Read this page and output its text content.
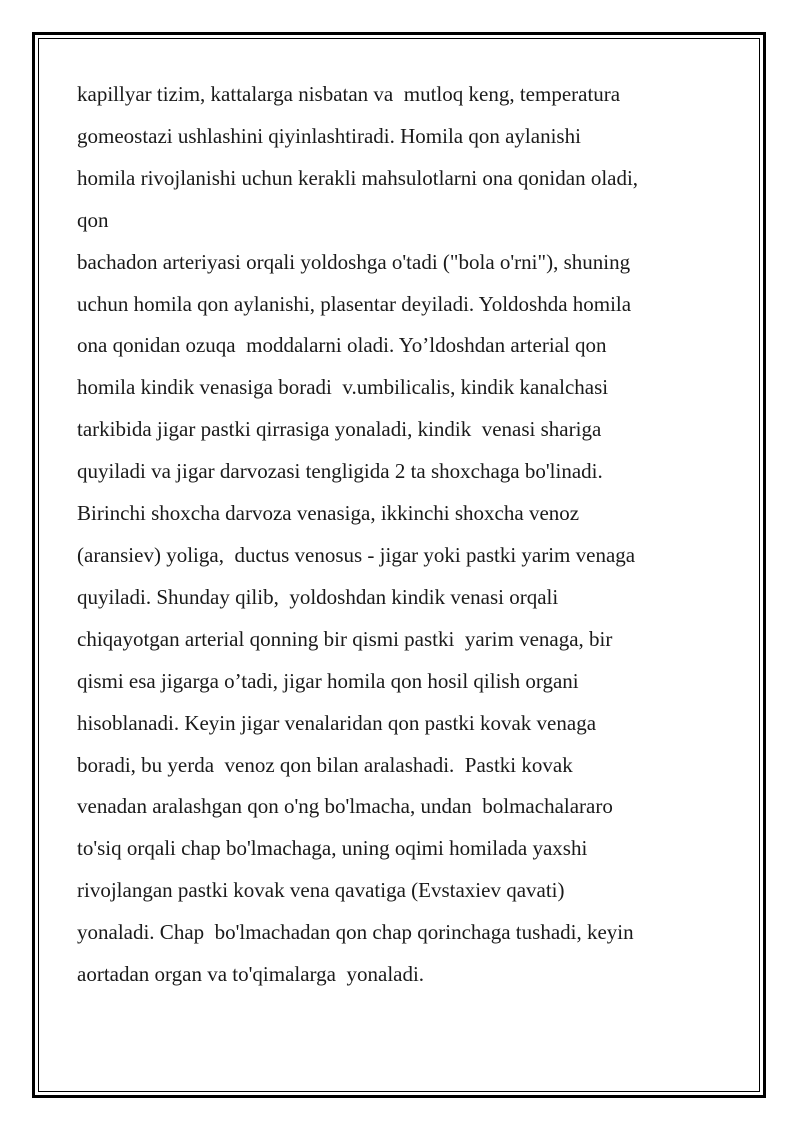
kapillyar tizim, kattalarga nisbatan va  mutloq keng, temperatura
gomeostazi ushlashini qiyinlashtiradi. Homila qon aylanishi
homila rivojlanishi uchun kerakli mahsulotlarni ona qonidan oladi,
qon
bachadon arteriyasi orqali yoldoshga o'tadi ("bola o'rni"), shuning
uchun homila qon aylanishi, plasentar deyiladi. Yoldoshda homila
ona qonidan ozuqa  moddalarni oladi. Yo’ldoshdan arterial qon
homila kindik venasiga boradi  v.umbilicalis, kindik kanalchasi
tarkibida jigar pastki qirrasiga yonaladi, kindik  venasi shariga
quyiladi va jigar darvozasi tengligida 2 ta shoxchaga bo'linadi.
Birinchi shoxcha darvoza venasiga, ikkinchi shoxcha venoz
(aransiev) yoliga,  ductus venosus - jigar yoki pastki yarim venaga
quyiladi. Shunday qilib,  yoldoshdan kindik venasi orqali
chiqayotgan arterial qonning bir qismi pastki  yarim venaga, bir
qismi esa jigarga o’tadi, jigar homila qon hosil qilish organi
hisoblanadi. Keyin jigar venalaridan qon pastki kovak venaga
boradi, bu yerda  venoz qon bilan aralashadi.  Pastki kovak
venadan aralashgan qon o'ng bo'lmacha, undan  bolmachalararo
to'siq orqali chap bo'lmachaga, uning oqimi homilada yaxshi
rivojlangan pastki kovak vena qavatiga (Evstaxiev qavati)
yonaladi. Chap  bo'lmachadan qon chap qorinchaga tushadi, keyin
aortadan organ va to'qimalarga  yonaladi.
